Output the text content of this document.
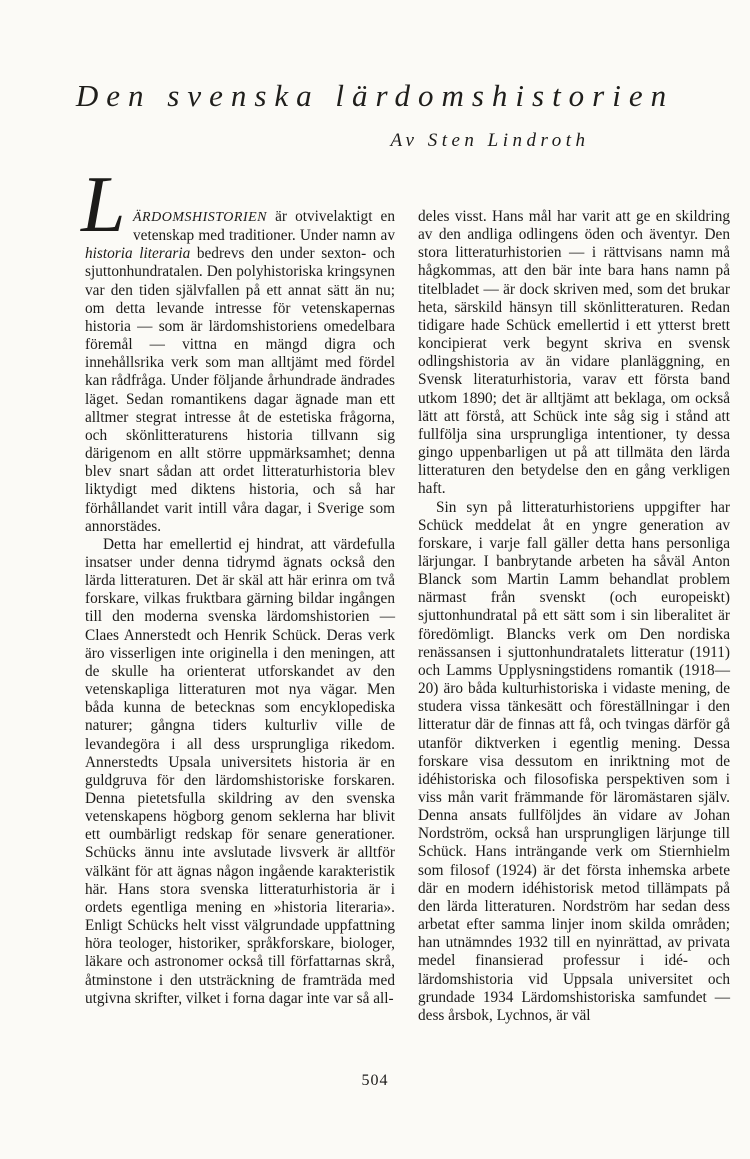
Den svenska lärdomshistorien
Av Sten Lindroth

LÄRDOMSHISTORIEN är otvivelaktigt en vetenskap med traditioner. Under namn av historia literaria bedrevs den under sexton- och sjuttonhundratalen. Den polyhistoriska kringsynen var den tiden självfallen på ett annat sätt än nu; om detta levande intresse för vetenskapernas historia — som är lärdomshistoriens omedelbara föremål — vittna en mängd digra och innehållsrika verk som man alltjämt med fördel kan rådfråga. Under följande århundrade ändrades läget. Sedan romantikens dagar ägnade man ett alltmer stegrat intresse åt de estetiska frågorna, och skönlitteraturens historia tillvann sig därigenom en allt större uppmärksamhet; denna blev snart sådan att ordet litteraturhistoria blev liktydigt med diktens historia, och så har förhållandet varit intill våra dagar, i Sverige som annorstädes.

Detta har emellertid ej hindrat, att värdefulla insatser under denna tidrymd ägnats också den lärda litteraturen. Det är skäl att här erinra om två forskare, vilkas fruktbara gärning bildar ingången till den moderna svenska lärdomshistorien — Claes Annerstedt och Henrik Schück. Deras verk äro visserligen inte originella i den meningen, att de skulle ha orienterat utforskandet av den vetenskapliga litteraturen mot nya vägar. Men båda kunna de betecknas som encyklopediska naturer; gångna tiders kulturliv ville de levandegöra i all dess ursprungliga rikedom. Annerstedts Upsala universitets historia är en guldgruva för den lärdomshistoriske forskaren. Denna pietetsfulla skildring av den svenska vetenskapens högborg genom seklerna har blivit ett oumbärligt redskap för senare generationer. Schücks ännu inte avslutade livsverk är alltför välkänt för att ägnas någon ingående karakteristik här. Hans stora svenska litteraturhistoria är i ordets egentliga mening en »historia literaria». Enligt Schücks helt visst välgrundade uppfattning höra teologer, historiker, språkforskare, biologer, läkare och astronomer också till författarnas skrå, åtminstone i den utsträckning de framträda med utgivna skrifter, vilket i forna dagar inte var så all-

deles visst. Hans mål har varit att ge en skildring av den andliga odlingens öden och äventyr. Den stora litteraturhistorien — i rättvisans namn må hågkommas, att den bär inte bara hans namn på titelbladet — är dock skriven med, som det brukar heta, särskild hänsyn till skönlitteraturen. Redan tidigare hade Schück emellertid i ett ytterst brett koncipierat verk begynt skriva en svensk odlingshistoria av än vidare planläggning, en Svensk literaturhistoria, varav ett första band utkom 1890; det är alltjämt att beklaga, om också lätt att förstå, att Schück inte såg sig i stånd att fullfölja sina ursprungliga intentioner, ty dessa gingo uppenbarligen ut på att tillmäta den lärda litteraturen den betydelse den en gång verkligen haft.

Sin syn på litteraturhistoriens uppgifter har Schück meddelat åt en yngre generation av forskare, i varje fall gäller detta hans personliga lärjungar. I banbrytande arbeten ha såväl Anton Blanck som Martin Lamm behandlat problem närmast från svenskt (och europeiskt) sjuttonhundratal på ett sätt som i sin liberalitet är föredömligt. Blancks verk om Den nordiska renässansen i sjuttonhundratalets litteratur (1911) och Lamms Upplysningstidens romantik (1918—20) äro båda kulturhistoriska i vidaste mening, de studera vissa tänkesätt och föreställningar i den litteratur där de finnas att få, och tvingas därför gå utanför diktverken i egentlig mening. Dessa forskare visa dessutom en inriktning mot de idéhistoriska och filosofiska perspektiven som i viss mån varit främmande för läromästaren själv. Denna ansats fullföljdes än vidare av Johan Nordström, också han ursprungligen lärjunge till Schück. Hans inträngande verk om Stiernhielm som filosof (1924) är det första inhemska arbete där en modern idéhistorisk metod tillämpats på den lärda litteraturen. Nordström har sedan dess arbetat efter samma linjer inom skilda områden; han utnämndes 1932 till en nyinrättad, av privata medel finansierad professur i idé- och lärdomshistoria vid Uppsala universitet och grundade 1934 Lärdomshistoriska samfundet — dess årsbok, Lychnos, är väl

504
